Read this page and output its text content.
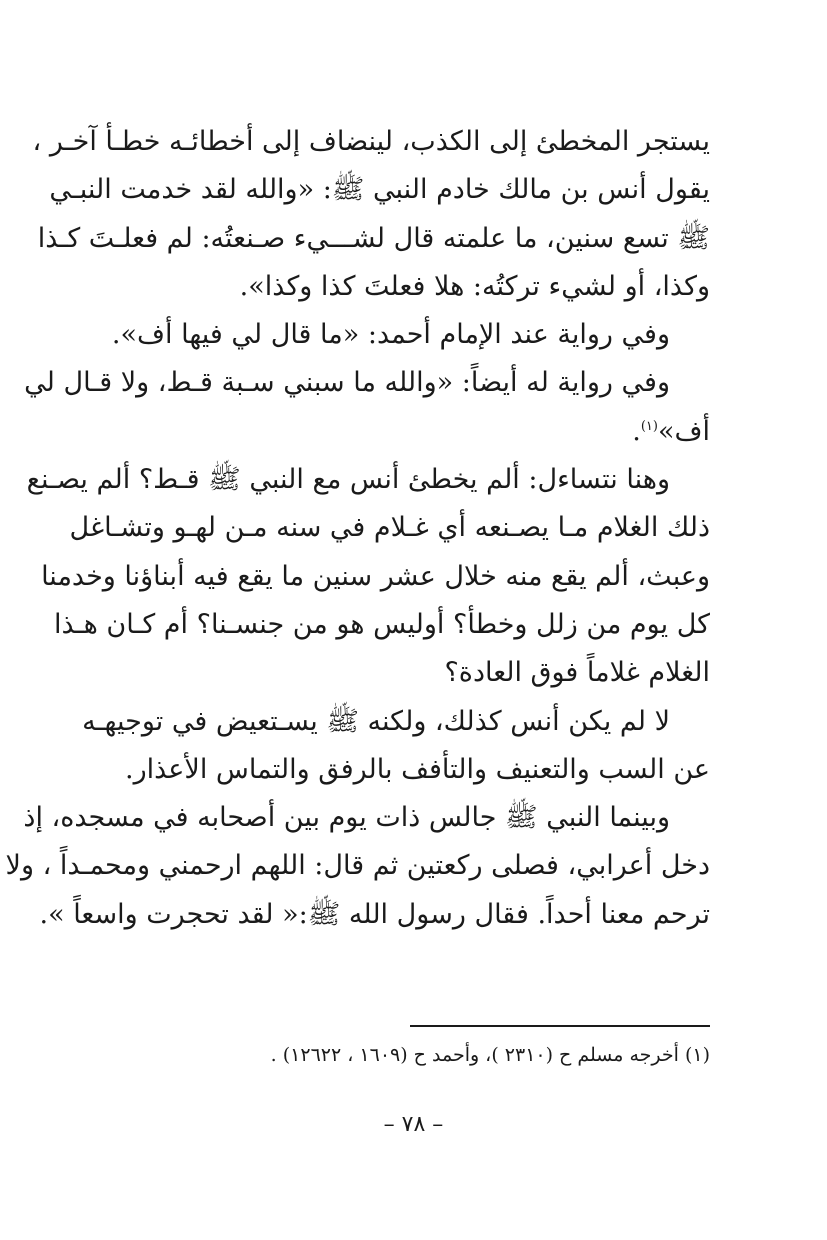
يستجر المخطئ إلى الكذب، لينضاف إلى أخطائـه خطـأ آخـر ،
يقول أنس بن مالك خادم النبي ﷺ: «والله لقد خدمت النبـي
ﷺ تسع سنين، ما علمته قال لشـــيء صـنعتُه: لم فعلـتَ كـذا
وكذا، أو لشيء تركتُه: هلا فعلتَ كذا وكذا».

وفي رواية عند الإمام أحمد: «ما قال لي فيها أف».

وفي رواية له أيضاً: «والله ما سبني سـبة قـط، ولا قـال لي
أف»$^{(١)}$.

وهنا نتساءل: ألم يخطئ أنس مع النبي ﷺ قـط؟ ألم يصـنع
ذلك الغلام مـا يصـنعه أي غـلام في سنه مـن لهـو وتشـاغل
وعبث، ألم يقع منه خلال عشر سنين ما يقع فيه أبناؤنا وخدمنا
كل يوم من زلل وخطأ؟ أوليس هو من جنسـنا؟ أم كـان هـذا
الغلام غلاماً فوق العادة؟

لا لم يكن أنس كذلك، ولكنه ﷺ يسـتعيض في توجيهـه
عن السب والتعنيف والتأفف بالرفق والتماس الأعذار.

وبينما النبي ﷺ جالس ذات يوم بين أصحابه في مسجده، إذ
دخل أعرابي، فصلى ركعتين ثم قال: اللهم ارحمني ومحمـداً ، ولا
ترحم معنا أحداً. فقال رسول الله ﷺ:« لقد تحجرت واسعاً ».

(١) أخرجه مسلم ح (٢٣١٠ )، وأحمد ح (١٦٠٩ ، ١٢٦٢٢) .
– ٧٨ –
